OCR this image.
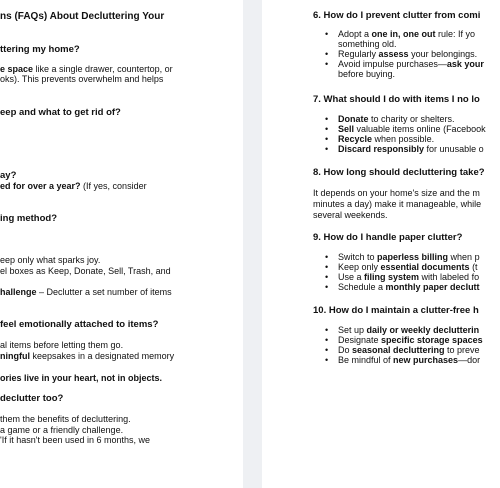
ns (FAQs) About Decluttering Your
ttering my home?
e space like a single drawer, countertop, or
oks). This prevents overwhelm and helps
eep and what to get rid of?
ay?
ed for over a year? (If yes, consider
ing method?
eep only what sparks joy.
el boxes as Keep, Donate, Sell, Trash, and
hallenge – Declutter a set number of items
feel emotionally attached to items?
al items before letting them go.
ningful keepsakes in a designated memory
ories live in your heart, not in objects.
declutter too?
them the benefits of decluttering.
a game or a friendly challenge.
'If it hasn't been used in 6 months, we
6. How do I prevent clutter from comi
• Adopt a one in, one out rule: If yo
something old.
• Regularly assess your belongings.
• Avoid impulse purchases—ask your
before buying.
7. What should I do with items I no lo
• Donate to charity or shelters.
• Sell valuable items online (Facebook
• Recycle when possible.
• Discard responsibly for unusable o
8. How long should decluttering take?
It depends on your home's size and the m
minutes a day) make it manageable, while
several weekends.
9. How do I handle paper clutter?
• Switch to paperless billing when p
• Keep only essential documents (t
• Use a filing system with labeled fo
• Schedule a monthly paper declutt
10. How do I maintain a clutter-free h
• Set up daily or weekly declutterin
• Designate specific storage spaces
• Do seasonal decluttering to preve
• Be mindful of new purchases—dor
